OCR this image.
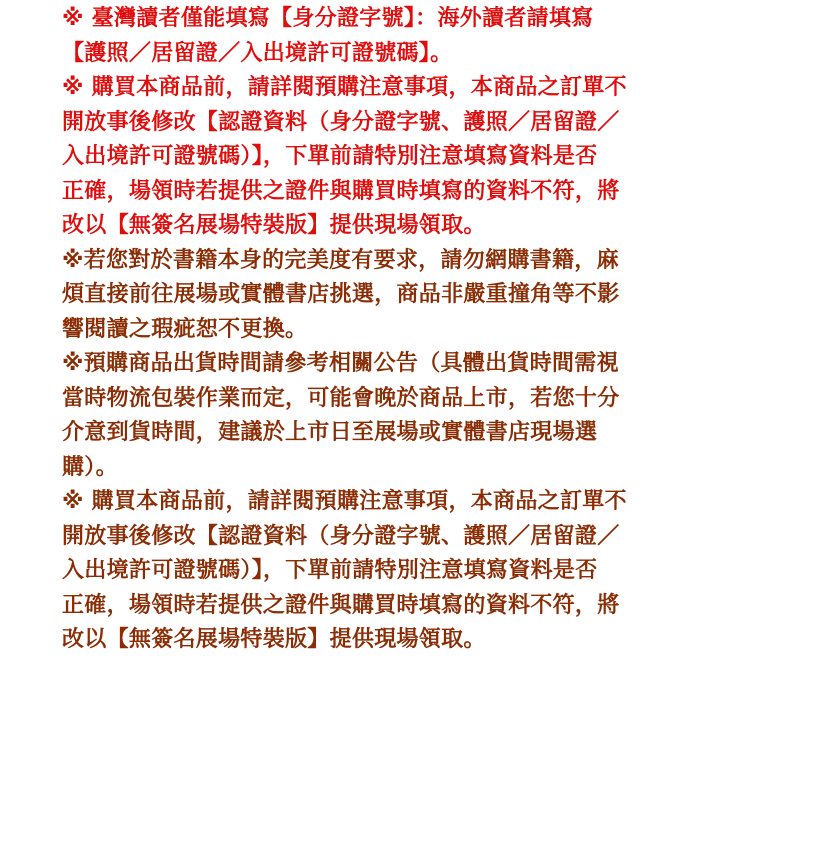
※ 臺灣讀者僅能填寫【身分證字號】：海外讀者請填寫
【護照／居留證／入出境許可證號碼】。
※ 購買本商品前，請詳閱預購注意事項，本商品之訂單不
開放事後修改【認證資料（身分證字號、護照／居留證／
入出境許可證號碼）】，下單前請特別注意填寫資料是否
正確，場領時若提供之證件與購買時填寫的資料不符，將
改以【無簽名展場特裝版】提供現場領取。
※若您對於書籍本身的完美度有要求，請勿網購書籍，麻
煩直接前往展場或實體書店挑選，商品非嚴重撞角等不影
響閱讀之瑕疵恕不更換。
※預購商品出貨時間請參考相關公告（具體出貨時間需視
當時物流包裝作業而定，可能會晚於商品上市，若您十分
介意到貨時間，建議於上市日至展場或實體書店現場選
購）。
※ 購買本商品前，請詳閱預購注意事項，本商品之訂單不
開放事後修改【認證資料（身分證字號、護照／居留證／
入出境許可證號碼）】，下單前請特別注意填寫資料是否
正確，場領時若提供之證件與購買時填寫的資料不符，將
改以【無簽名展場特裝版】提供現場領取。
